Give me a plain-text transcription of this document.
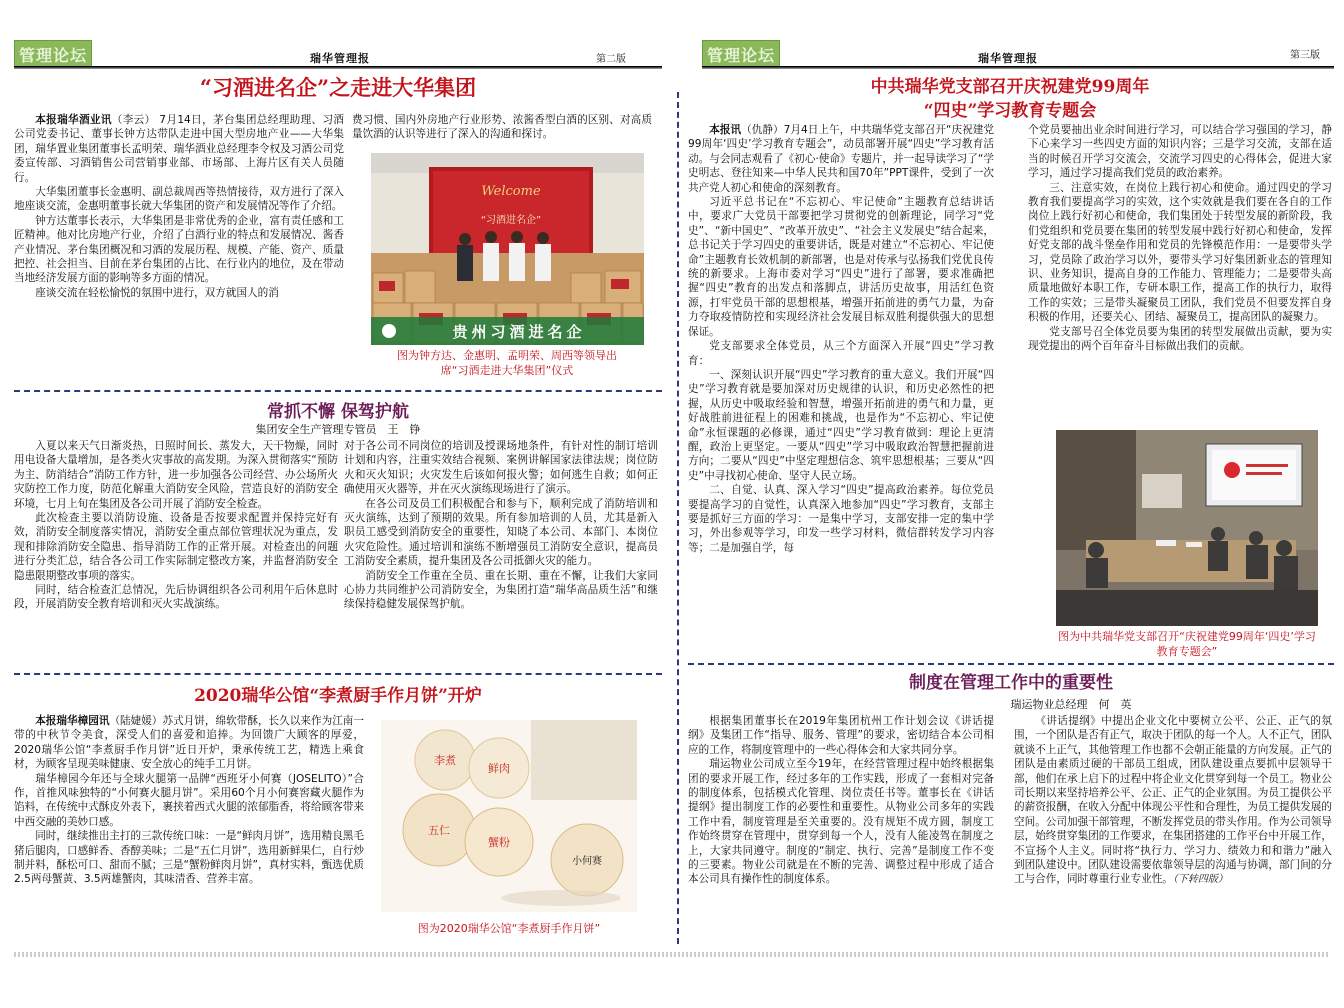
管理论坛	瑞华管理报	第二版
“习酒进名企”之走进大华集团

本报瑞华酒业讯（李云） 7月14日，茅台集团总经理助理、习酒公司党委书记、董事长钟方达带队走进中国大型房地产业——大华集团，瑞华置业集团董事长孟明荣、瑞华酒业总经理李令权及习酒公司党委宣传部、习酒销售公司营销事业部、市场部、上海片区有关人员随行。

大华集团董事长金惠明、副总裁周西等热情接待，双方进行了深入地座谈交流，金惠明董事长就大华集团的资产和发展情况等作了介绍。

钟方达董事长表示，大华集团是非常优秀的企业，富有责任感和工匠精神。他对比房地产行业，介绍了白酒行业的特点和发展情况、酱香产业情况、茅台集团概况和习酒的发展历程、规模、产能、资产、质量把控、社会担当、目前在茅台集团的占比、在行业内的地位，及在带动当地经济发展方面的影响等多方面的情况。

座谈交流在轻松愉悦的氛围中进行，双方就国人的消

费习惯、国内外房地产行业形势、浓酱香型白酒的区别、对高质量饮酒的认识等进行了深入的沟通和探讨。

Welcome
“习酒进名企”
贵州习酒进名企
图为钟方达、金惠明、孟明荣、周西等领导出席“习酒走进大华集团”仪式
常抓不懈 保驾护航
集团安全生产管理专管员　王　铮

入夏以来天气日渐炎热，日照时间长、蒸发大，天干物燥，同时用电设备大量增加，是各类火灾事故的高发期。为深入贯彻落实“预防为主、防消结合”消防工作方针，进一步加强各公司经营、办公场所火灾防控工作力度，防范化解重大消防安全风险，营造良好的消防安全环境，七月上旬在集团及各公司开展了消防安全检查。

此次检查主要以消防设施、设备是否按要求配置并保持完好有效，消防安全制度落实情况，消防安全重点部位管理状况为重点，发现和排除消防安全隐患、指导消防工作的正常开展。对检查出的问题进行分类汇总，结合各公司工作实际制定整改方案，并监督消防安全隐患限期整改事项的落实。

同时，结合检查汇总情况，先后协调组织各公司利用午后休息时段，开展消防安全教育培训和灭火实战演练。

对于各公司不同岗位的培训及授课场地条件，有针对性的制订培训计划和内容，注重实效结合视频、案例讲解国家法律法规；岗位防火和灭火知识；火灾发生后该如何报火警；如何逃生自救；如何正确使用灭火器等，并在灭火演练现场进行了演示。

在各公司及员工们积极配合和参与下，顺利完成了消防培训和灭火演练，达到了预期的效果。所有参加培训的人员，尤其是新入职员工感受到消防安全的重要性，知晓了本公司、本部门、本岗位火灾危险性。通过培训和演练不断增强员工消防安全意识，提高员工消防安全素质，提升集团及各公司抵御火灾的能力。

消防安全工作重在全员、重在长期、重在不懈，让我们大家同心协力共同维护公司消防安全，为集团打造“瑞华高品质生活”和继续保持稳健发展保驾护航。

2020瑞华公馆“李煮厨手作月饼”开炉

本报瑞华樟园讯（陆婕媛）苏式月饼，绵软带酥，长久以来作为江南一带的中秋节令美食，深受人们的喜爱和追捧。为回馈广大顾客的厚爱，2020瑞华公馆“李煮厨手作月饼”近日开炉，秉承传统工艺，精选上乘食材，为顾客呈现美味健康、安全放心的纯手工月饼。

瑞华樟园今年还与全球火腿第一品牌“西班牙小何赛（JOSELITO）”合作，首推风味独特的“小何赛火腿月饼”。采用60个月小何赛窖藏火腿作为馅料，在传统中式酥皮外表下，裹挟着西式火腿的浓郁脂香，将给顾客带来中西交融的美妙口感。

同时，继续推出主打的三款传统口味：一是“鲜肉月饼”，选用精良黑毛猪后腿肉，口感鲜香、香醇美味；二是“五仁月饼”，选用新鲜果仁，自行炒制并料，酥松可口、甜而不腻；三是“蟹粉鲜肉月饼”，真材实料，甄选优质2.5两母蟹黄、3.5两雄蟹肉，其味清香、营养丰富。

李煮
鲜肉
五仁
蟹粉
小何赛
图为2020瑞华公馆“李煮厨手作月饼”
管理论坛	瑞华管理报	第三版
中共瑞华党支部召开庆祝建党99周年
“四史”学习教育专题会

本报讯（仇静）7月4日上午，中共瑞华党支部召开“庆祝建党99周年‘四史’学习教育专题会”，动员部署开展“四史”学习教育活动。与会同志观看了《初心·使命》专题片，并一起导读学习了“学史明志、登往知来—中华人民共和国70年”PPT课件，受到了一次共产党人初心和使命的深刻教育。

习近平总书记在“不忘初心、牢记使命”主题教育总结讲话中，要求广大党员干部要把学习贯彻党的创新理论，同学习“党史”、“新中国史”、“改革开放史”、“社会主义发展史”结合起来，总书记关于学习四史的重要讲话，既是对建立“不忘初心、牢记使命”主题教育长效机制的新部署，也是对传承与弘扬我们党优良传统的新要求。上海市委对学习“四史”进行了部署，要求准确把握“四史”教育的出发点和落脚点，讲活历史故事，用活红色资源，打牢党员干部的思想根基，增强开拓前进的勇气力量，为奋力夺取疫情防控和实现经济社会发展目标双胜利提供强大的思想保证。

党支部要求全体党员，从三个方面深入开展“四史”学习教育：

一、深刻认识开展“四史”学习教育的重大意义。我们开展“四史”学习教育就是要加深对历史规律的认识，和历史必然性的把握，从历史中吸取经验和智慧，增强开拓前进的勇气和力量，更好战胜前进征程上的困难和挑战，也是作为“不忘初心、牢记使命”永恒课题的必修课，通过“四史”学习教育做到：理论上更清醒，政治上更坚定。一要从“四史”学习中吸取政治智慧把握前进方向；二要从“四史”中坚定理想信念、筑牢思想根基；三要从“四史”中寻找初心使命、坚守人民立场。

二、自觉、认真、深入学习“四史”提高政治素养。每位党员要提高学习的自觉性，认真深入地参加“四史”学习教育，支部主要是抓好三方面的学习：一是集中学习，支部安排一定的集中学习，外出参观等学习，印发一些学习材料，微信群转发学习内容等；二是加强自学，每

个党员要抽出业余时间进行学习，可以结合学习强国的学习，静下心来学习一些四史方面的知识内容；三是学习交流，支部在适当的时候召开学习交流会，交流学习四史的心得体会，促进大家学习，通过学习提高我们党员的政治素养。

三、注意实效，在岗位上践行初心和使命。通过四史的学习教育我们要提高学习的实效，这个实效就是我们要在各自的工作岗位上践行好初心和使命，我们集团处于转型发展的新阶段，我们党组织和党员要在集团的转型发展中践行好初心和使命，发挥好党支部的战斗堡垒作用和党员的先锋模范作用：一是要带头学习，党员除了政治学习以外，要带头学习好集团新业态的管理知识、业务知识，提高自身的工作能力、管理能力；二是要带头高质量地做好本职工作，专研本职工作，提高工作的执行力，取得工作的实效；三是带头凝聚员工团队，我们党员不但要发挥自身积极的作用，还要关心、团结、凝聚员工，提高团队的凝聚力。

党支部号召全体党员要为集团的转型发展做出贡献，要为实现党提出的两个百年奋斗目标做出我们的贡献。

图为中共瑞华党支部召开“庆祝建党99周年‘四史’学习教育专题会”
制度在管理工作中的重要性
瑞运物业总经理　何　英

根据集团董事长在2019年集团杭州工作计划会议《讲话提纲》及集团工作“指导、服务、管理”的要求，密切结合本公司相应的工作，将制度管理中的一些心得体会和大家共同分享。

瑞运物业公司成立至今19年，在经营管理过程中始终根据集团的要求开展工作，经过多年的工作实践，形成了一套相对完备的制度体系，包括模式化管理、岗位责任书等。董事长在《讲话提纲》提出制度工作的必要性和重要性。从物业公司多年的实践工作中看，制度管理是至关重要的。没有规矩不成方圆，制度工作始终贯穿在管理中，贯穿到每一个人，没有人能凌驾在制度之上，大家共同遵守。制度的“制定、执行、完善”是制度工作不变的三要素。物业公司就是在不断的完善、调整过程中形成了适合本公司具有操作性的制度体系。

《讲话提纲》中提出企业文化中要树立公平、公正、正气的氛围，一个团队是否有正气，取决于团队的每一个人。人不正气，团队就谈不上正气，其他管理工作也都不会朝正能量的方向发展。正气的团队是由素质过硬的干部员工组成，团队建设重点要抓中层领导干部，他们在承上启下的过程中将企业文化贯穿到每一个员工。物业公司长期以来坚持培养公平、公正、正气的企业氛围。为员工提供公平的薪资报酬，在收入分配中体现公平性和合理性，为员工提供发展的空间。公司加强干部管理，不断发挥党员的带头作用。作为公司领导层，始终贯穿集团的工作要求，在集团搭建的工作平台中开展工作，不宣扬个人主义。同时将“执行力、学习力、绩效力和和谐力”融入到团队建设中。团队建设需要依靠领导层的沟通与协调，部门间的分工与合作，同时尊重行业专业性。（下转四版）
